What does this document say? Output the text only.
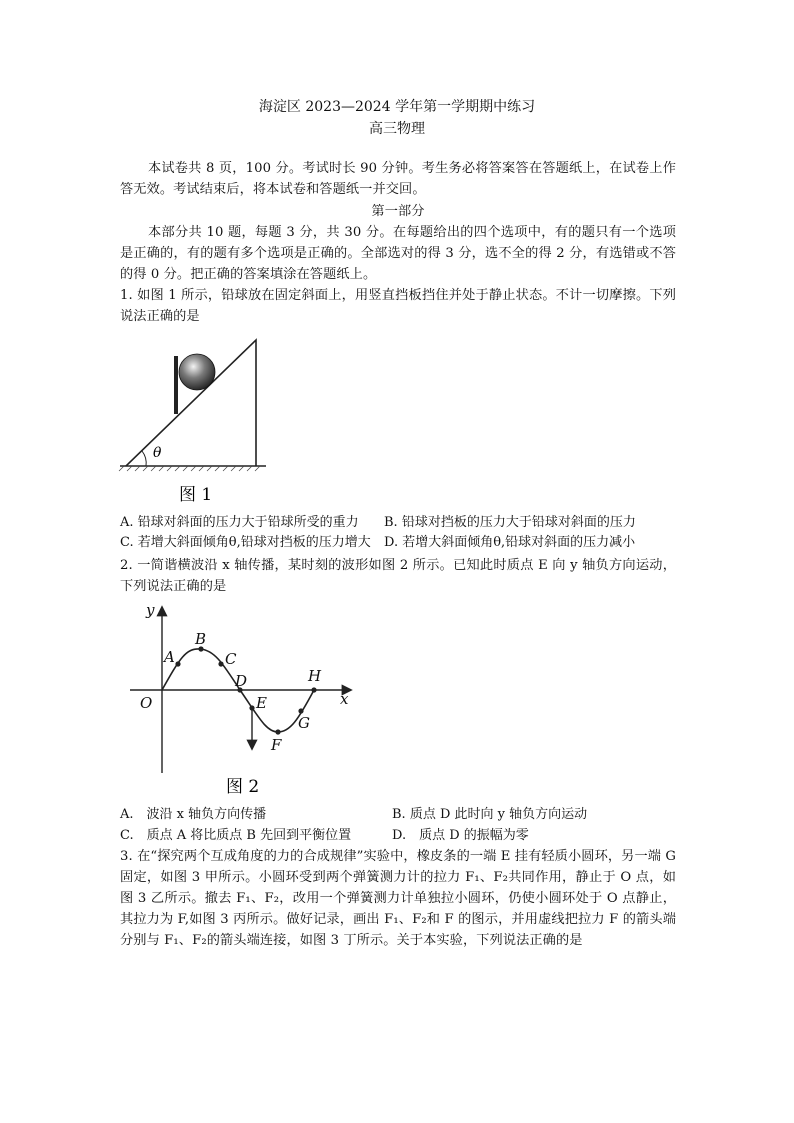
海淀区 2023—2024 学年第一学期期中练习
高三物理
本试卷共 8 页，100 分。考试时长 90 分钟。考生务必将答案答在答题纸上，在试卷上作答无效。考试结束后，将本试卷和答题纸一并交回。
第一部分
本部分共 10 题，每题 3 分，共 30 分。在每题给出的四个选项中，有的题只有一个选项是正确的，有的题有多个选项是正确的。全部选对的得 3 分，选不全的得 2 分，有选错或不答的得 0 分。把正确的答案填涂在答题纸上。
1. 如图 1 所示，铅球放在固定斜面上，用竖直挡板挡住并处于静止状态。不计一切摩擦。下列说法正确的是
θ
图 1
A. 铅球对斜面的压力大于铅球所受的重力 B. 铅球对挡板的压力大于铅球对斜面的压力
C. 若增大斜面倾角θ,铅球对挡板的压力增大 D. 若增大斜面倾角θ,铅球对斜面的压力减小
2. 一简谐横波沿 x 轴传播，某时刻的波形如图 2 所示。已知此时质点 E 向 y 轴负方向运动，下列说法正确的是
y
x
O
A
B
C
D
E
F
G
H
图 2
A.　波沿 x 轴负方向传播	B. 质点 D 此时向 y 轴负方向运动
C.　质点 A 将比质点 B 先回到平衡位置	D.　质点 D 的振幅为零
3. 在“探究两个互成角度的力的合成规律”实验中，橡皮条的一端 E 挂有轻质小圆环，另一端 G 固定，如图 3 甲所示。小圆环受到两个弹簧测力计的拉力 F₁、F₂共同作用，静止于 O 点，如图 3 乙所示。撤去 F₁、F₂，改用一个弹簧测力计单独拉小圆环，仍使小圆环处于 O 点静止，其拉力为 F,如图 3 丙所示。做好记录，画出 F₁、F₂和 F 的图示，并用虚线把拉力 F 的箭头端分别与 F₁、F₂的箭头端连接，如图 3 丁所示。关于本实验，下列说法正确的是
